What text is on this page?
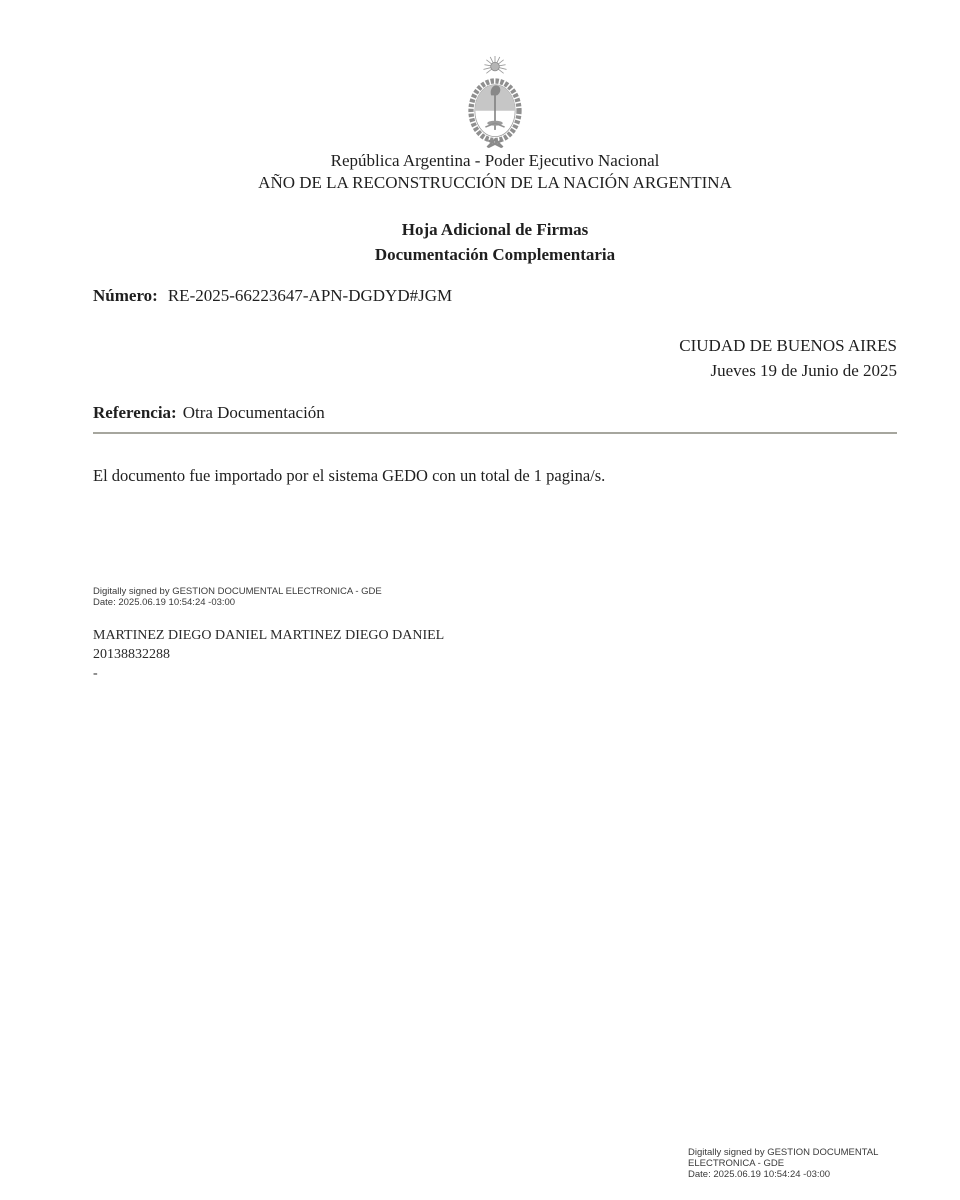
República Argentina - Poder Ejecutivo Nacional
AÑO DE LA RECONSTRUCCIÓN DE LA NACIÓN ARGENTINA
Hoja Adicional de Firmas
Documentación Complementaria
Número: RE-2025-66223647-APN-DGDYD#JGM
CIUDAD DE BUENOS AIRES
Jueves 19 de Junio de 2025
Referencia: Otra Documentación
El documento fue importado por el sistema GEDO con un total de 1 pagina/s.
Digitally signed by GESTION DOCUMENTAL ELECTRONICA - GDE
Date: 2025.06.19 10:54:24 -03:00
MARTINEZ DIEGO DANIEL MARTINEZ DIEGO DANIEL
20138832288
-
Digitally signed by GESTION DOCUMENTAL
ELECTRONICA - GDE
Date: 2025.06.19 10:54:24 -03:00
